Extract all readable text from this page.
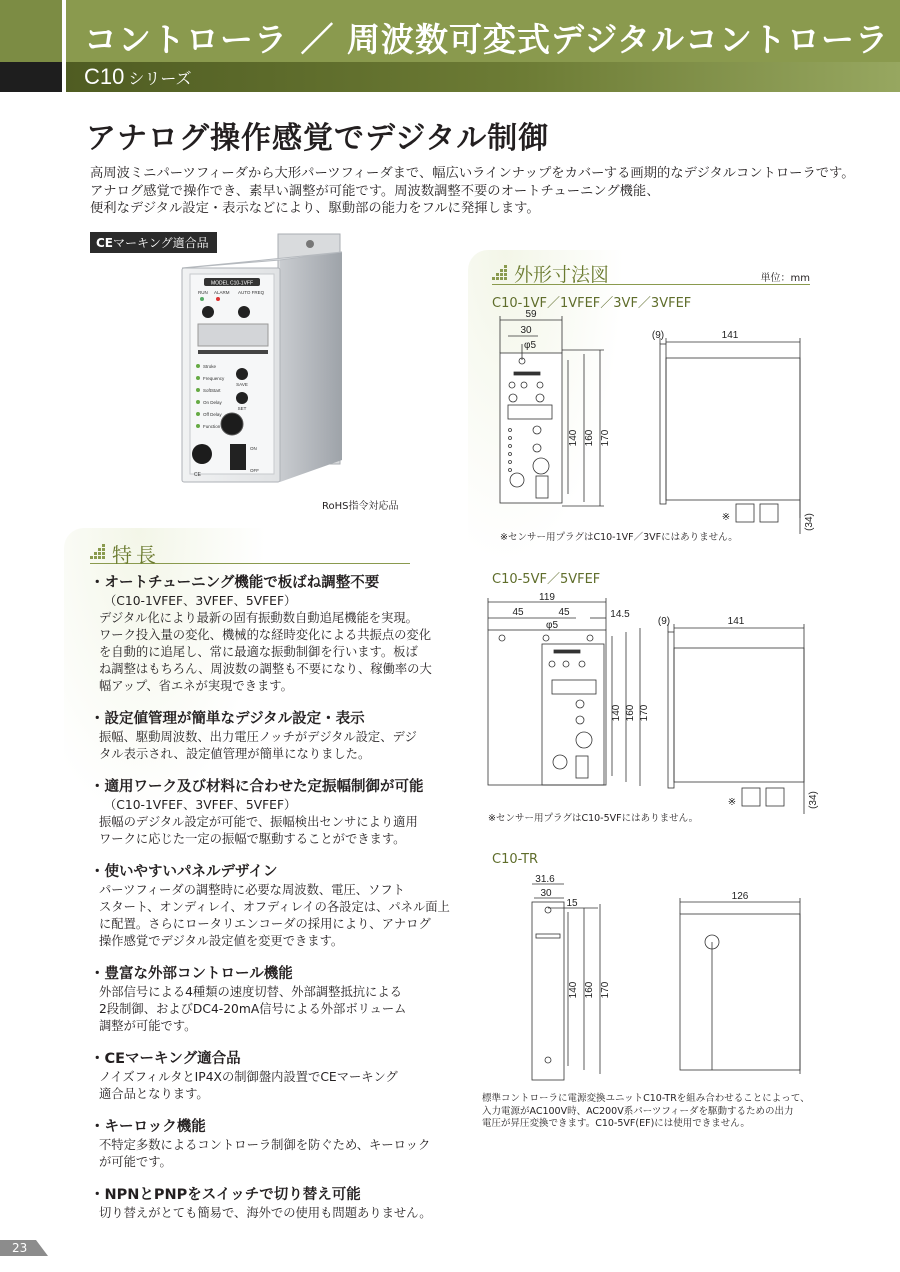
コントローラ ／ 周波数可変式デジタルコントローラ
C10 シリーズ
アナログ操作感覚でデジタル制御

高周波ミニパーツフィーダから大形パーツフィーダまで、幅広いラインナップをカバーする画期的なデジタルコントローラです。

アナログ感覚で操作でき、素早い調整が可能です。周波数調整不要のオートチューニング機能、

便利なデジタル設定・表示などにより、駆動部の能力をフルに発揮します。

CEマーキング適合品
MODEL C10-1VFF
RUN ALARM AUTO FREQ
Stroke
Frequency
SoftStart
On Delay
Off Delay
Function
SAVE
SET
ON
OFF
CE
RoHS指令対応品
特長
・オートチューニング機能で板ばね調整不要
（C10-1VFEF、3VFEF、5VFEF）

デジタル化により最新の固有振動数自動追尾機能を実現。

ワーク投入量の変化、機械的な経時変化による共振点の変化

を自動的に追尾し、常に最適な振動制御を行います。板ば

ね調整はもちろん、周波数の調整も不要になり、稼働率の大

幅アップ、省エネが実現できます。

・設定値管理が簡単なデジタル設定・表示

振幅、駆動周波数、出力電圧ノッチがデジタル設定、デジ

タル表示され、設定値管理が簡単になりました。

・適用ワーク及び材料に合わせた定振幅制御が可能
（C10-1VFEF、3VFEF、5VFEF）

振幅のデジタル設定が可能で、振幅検出センサにより適用

ワークに応じた一定の振幅で駆動することができます。

・使いやすいパネルデザイン

パーツフィーダの調整時に必要な周波数、電圧、ソフト

スタート、オンディレイ、オフディレイの各設定は、パネル面上

に配置。さらにロータリエンコーダの採用により、アナログ

操作感覚でデジタル設定値を変更できます。

・豊富な外部コントロール機能

外部信号による4種類の速度切替、外部調整抵抗による

2段制御、およびDC4-20mA信号による外部ボリューム

調整が可能です。

・CEマーキング適合品

ノイズフィルタとIP4Xの制御盤内設置でCEマーキング

適合品となります。

・キーロック機能

不特定多数によるコントローラ制御を防ぐため、キーロック

が可能です。

・NPNとPNPをスイッチで切り替え可能

切り替えがとても簡易で、海外での使用も問題ありません。

外形寸法図	単位：mm
C10-1VF／1VFEF／3VF／3VFEF
59
30
φ5
140 160 170
(9)	141
(34)
※
※センサー用プラグはC10-1VF／3VFにはありません。
C10-5VF／5VFEF
119
45	45	14.5
φ5
140 160 170
(9)	141
(34)
※
※センサー用プラグはC10-5VFにはありません。
C10-TR
31.6
30
15
140 160 170
126

標準コントローラに電源変換ユニットC10-TRを組み合わせることによって、

入力電源がAC100V時、AC200V系パーツフィーダを駆動するための出力

電圧が昇圧変換できます。C10-5VF(EF)には使用できません。

23
